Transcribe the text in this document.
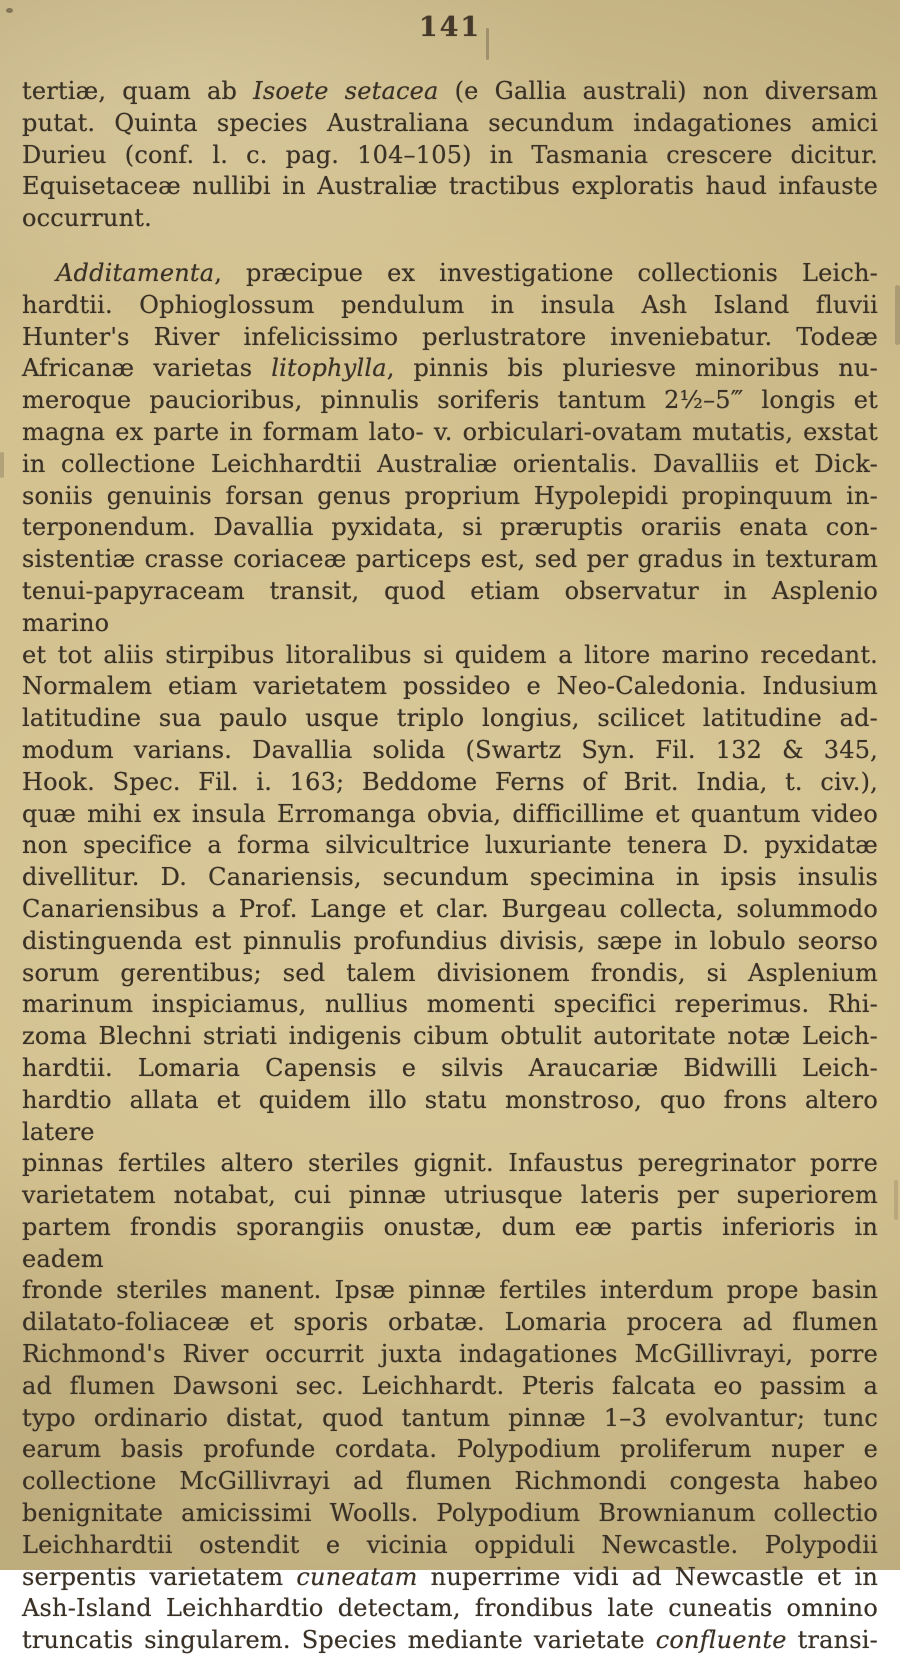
141
tertiæ, quam ab Isoete setacea (e Gallia australi) non diversam
putat. Quinta species Australiana secundum indagationes amici
Durieu (conf. l. c. pag. 104–105) in Tasmania crescere dicitur.
Equisetaceæ nullibi in Australiæ tractibus exploratis haud infauste
occurrunt.
Additamenta, præcipue ex investigatione collectionis Leich-
hardtii. Ophioglossum pendulum in insula Ash Island fluvii
Hunter's River infelicissimo perlustratore inveniebatur. Todeæ
Africanæ varietas litophylla, pinnis bis pluriesve minoribus nu-
meroque paucioribus, pinnulis soriferis tantum 2½–5‴ longis et
magna ex parte in formam lato- v. orbiculari-ovatam mutatis, exstat
in collectione Leichhardtii Australiæ orientalis. Davalliis et Dick-
soniis genuinis forsan genus proprium Hypolepidi propinquum in-
terponendum. Davallia pyxidata, si præruptis orariis enata con-
sistentiæ crasse coriaceæ particeps est, sed per gradus in texturam
tenui-papyraceam transit, quod etiam observatur in Asplenio marino
et tot aliis stirpibus litoralibus si quidem a litore marino recedant.
Normalem etiam varietatem possideo e Neo-Caledonia. Indusium
latitudine sua paulo usque triplo longius, scilicet latitudine ad-
modum varians. Davallia solida (Swartz Syn. Fil. 132 & 345,
Hook. Spec. Fil. i. 163; Beddome Ferns of Brit. India, t. civ.),
quæ mihi ex insula Erromanga obvia, difficillime et quantum video
non specifice a forma silvicultrice luxuriante tenera D. pyxidatæ
divellitur. D. Canariensis, secundum specimina in ipsis insulis
Canariensibus a Prof. Lange et clar. Burgeau collecta, solummodo
distinguenda est pinnulis profundius divisis, sæpe in lobulo seorso
sorum gerentibus; sed talem divisionem frondis, si Asplenium
marinum inspiciamus, nullius momenti specifici reperimus. Rhi-
zoma Blechni striati indigenis cibum obtulit autoritate notæ Leich-
hardtii. Lomaria Capensis e silvis Araucariæ Bidwilli Leich-
hardtio allata et quidem illo statu monstroso, quo frons altero latere
pinnas fertiles altero steriles gignit. Infaustus peregrinator porre
varietatem notabat, cui pinnæ utriusque lateris per superiorem
partem frondis sporangiis onustæ, dum eæ partis inferioris in eadem
fronde steriles manent. Ipsæ pinnæ fertiles interdum prope basin
dilatato-foliaceæ et sporis orbatæ. Lomaria procera ad flumen
Richmond's River occurrit juxta indagationes McGillivrayi, porre
ad flumen Dawsoni sec. Leichhardt. Pteris falcata eo passim a
typo ordinario distat, quod tantum pinnæ 1–3 evolvantur; tunc
earum basis profunde cordata. Polypodium proliferum nuper e
collectione McGillivrayi ad flumen Richmondi congesta habeo
benignitate amicissimi Woolls. Polypodium Brownianum collectio
Leichhardtii ostendit e vicinia oppiduli Newcastle. Polypodii
serpentis varietatem cuneatam nuperrime vidi ad Newcastle et in
Ash-Island Leichhardtio detectam, frondibus late cuneatis omnino
truncatis singularem. Species mediante varietate confluente transi-
